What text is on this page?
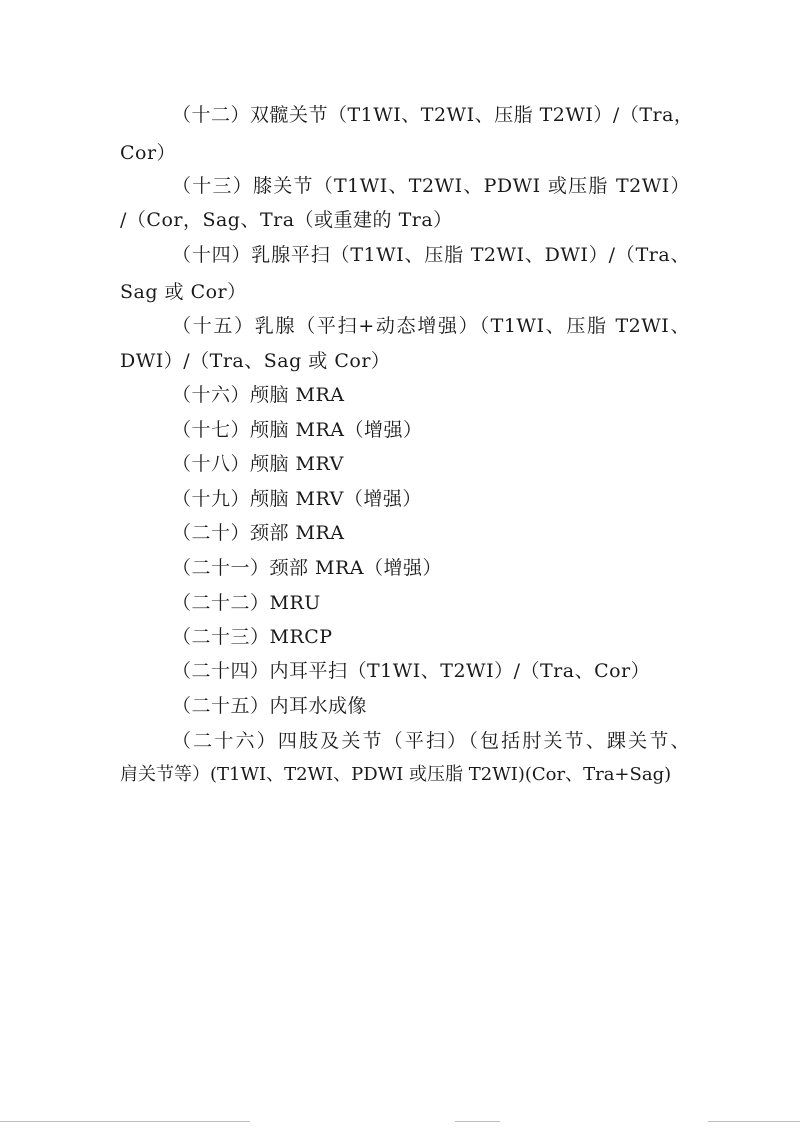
（十二）双髋关节（T1WI、T2WI、压脂 T2WI）/（Tra，
Cor）
（十三）膝关节（T1WI、T2WI、PDWI 或压脂 T2WI）
/（Cor，Sag、Tra（或重建的 Tra）
（十四）乳腺平扫（T1WI、压脂 T2WI、DWI）/（Tra、
Sag 或 Cor）
（十五）乳腺（平扫+动态增强）（T1WI、压脂 T2WI、
DWI）/（Tra、Sag 或 Cor）
（十六）颅脑 MRA
（十七）颅脑 MRA（增强）
（十八）颅脑 MRV
（十九）颅脑 MRV（增强）
（二十）颈部 MRA
（二十一）颈部 MRA（增强）
（二十二）MRU
（二十三）MRCP
（二十四）内耳平扫（T1WI、T2WI）/（Tra、Cor）
（二十五）内耳水成像
（二十六）四肢及关节（平扫）（包括肘关节、踝关节、
肩关节等）(T1WI、T2WI、PDWI 或压脂 T2WI)(Cor、Tra+Sag)
